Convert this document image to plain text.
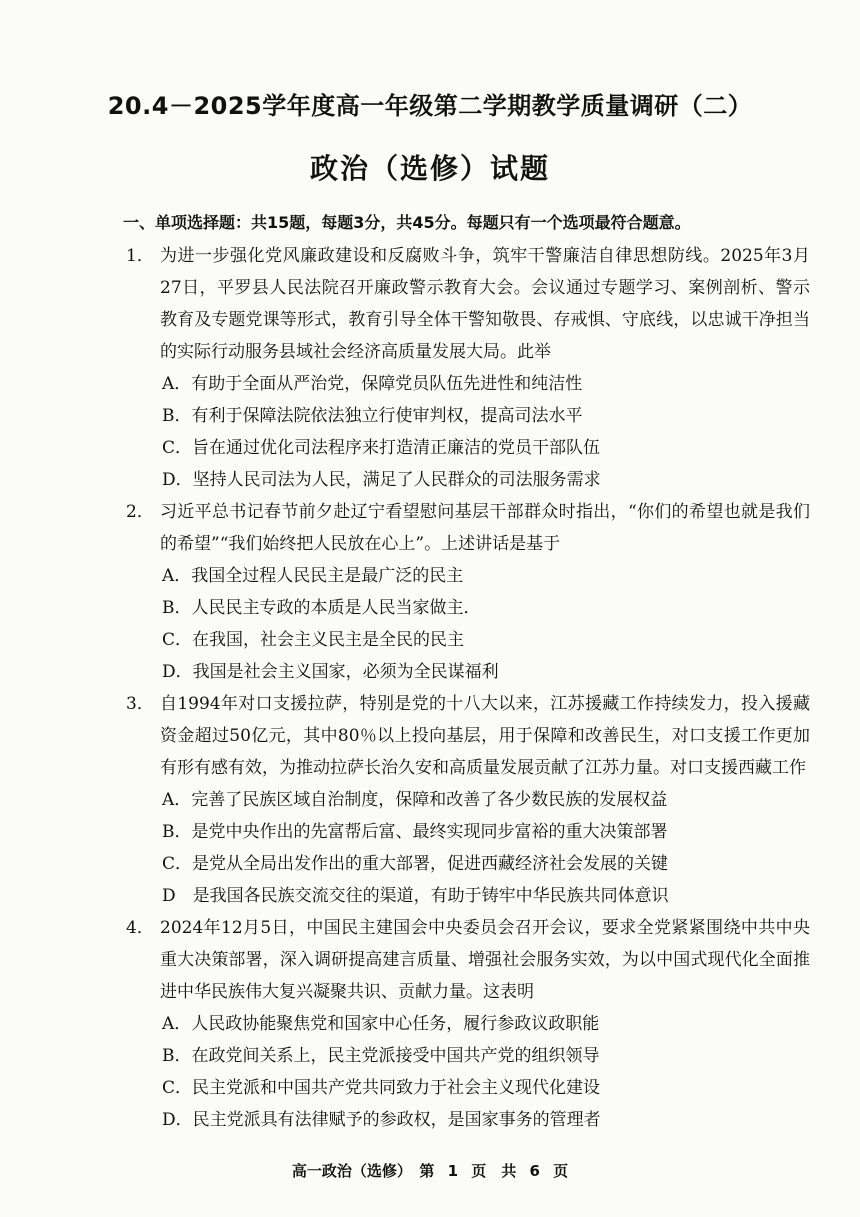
20.4－2025学年度高一年级第二学期教学质量调研（二）
政治（选修）试题
一、单项选择题：共15题，每题3分，共45分。每题只有一个选项最符合题意。
1． 为进一步强化党风廉政建设和反腐败斗争，筑牢干警廉洁自律思想防线。2025年3月27日，平罗县人民法院召开廉政警示教育大会。会议通过专题学习、案例剖析、警示教育及专题党课等形式，教育引导全体干警知敬畏、存戒惧、守底线，以忠诚干净担当的实际行动服务县域社会经济高质量发展大局。此举
A．有助于全面从严治党，保障党员队伍先进性和纯洁性
B．有利于保障法院依法独立行使审判权，提高司法水平
C．旨在通过优化司法程序来打造清正廉洁的党员干部队伍
D．坚持人民司法为人民，满足了人民群众的司法服务需求
2． 习近平总书记春节前夕赴辽宁看望慰问基层干部群众时指出，“你们的希望也就是我们的希望”“我们始终把人民放在心上”。上述讲话是基于
A．我国全过程人民民主是最广泛的民主
B．人民民主专政的本质是人民当家做主．
C．在我国，社会主义民主是全民的民主
D．我国是社会主义国家，必须为全民谋福利
3． 自1994年对口支援拉萨，特别是党的十八大以来，江苏援藏工作持续发力，投入援藏资金超过50亿元，其中80％以上投向基层，用于保障和改善民生，对口支援工作更加有形有感有效，为推动拉萨长治久安和高质量发展贡献了江苏力量。对口支援西藏工作
A．完善了民族区域自治制度，保障和改善了各少数民族的发展权益
B．是党中央作出的先富帮后富、最终实现同步富裕的重大决策部署
C．是党从全局出发作出的重大部署，促进西藏经济社会发展的关键
D　是我国各民族交流交往的渠道，有助于铸牢中华民族共同体意识
4． 2024年12月5日，中国民主建国会中央委员会召开会议，要求全党紧紧围绕中共中央重大决策部署，深入调研提高建言质量、增强社会服务实效，为以中国式现代化全面推进中华民族伟大复兴凝聚共识、贡献力量。这表明
A．人民政协能聚焦党和国家中心任务，履行参政议政职能
B．在政党间关系上，民主党派接受中国共产党的组织领导
C．民主党派和中国共产党共同致力于社会主义现代化建设
D．民主党派具有法律赋予的参政权，是国家事务的管理者
高一政治（选修）　第 1 页　共 6 页
